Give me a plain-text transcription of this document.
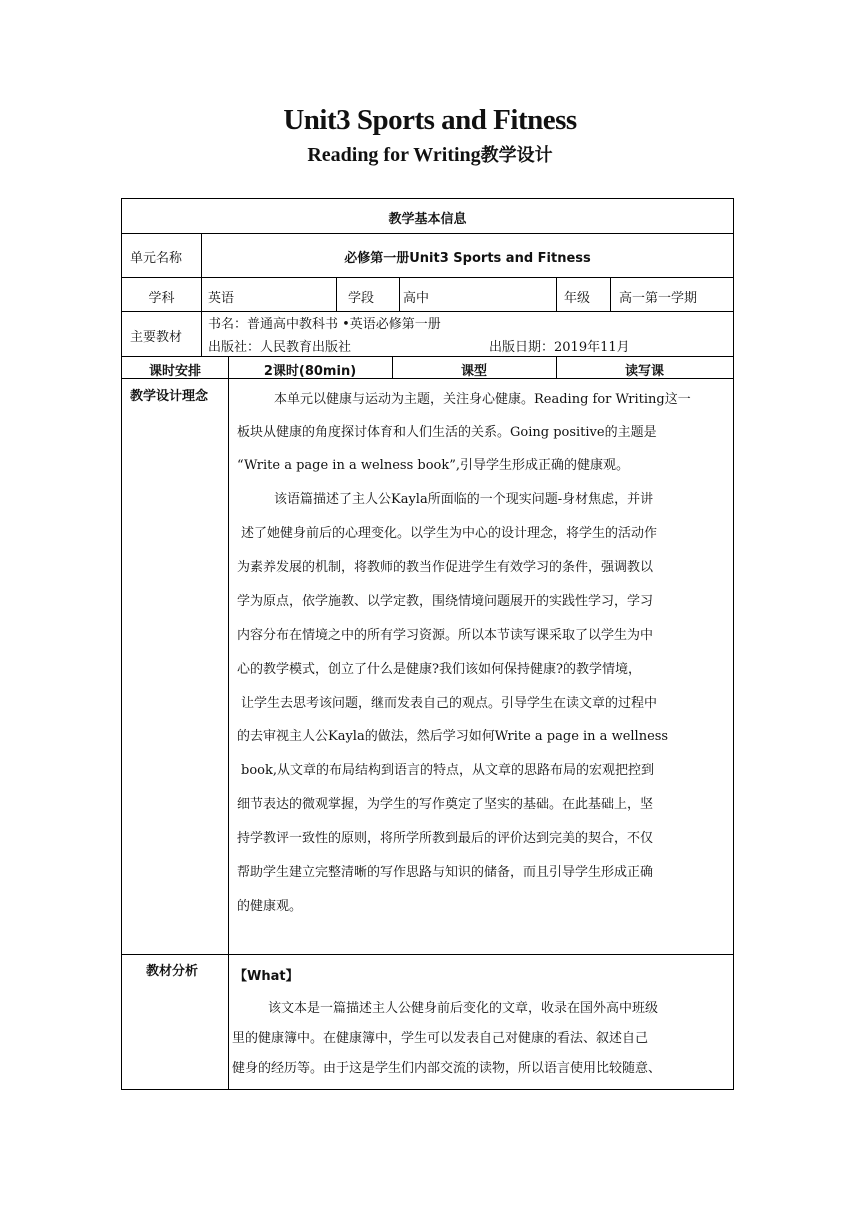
Unit3 Sports and Fitness
Reading for Writing教学设计
教学基本信息
单元名称	必修第一册Unit3 Sports and Fitness
学科	英语	学段 高中	年级 高一第一学期
主要教材
书名：普通高中教科书 •英语必修第一册
出版社：人民教育出版社	出版日期：2019年11月
课时安排	2课时(80min)	课型	读写课
教学设计理念	本单元以健康与运动为主题，关注身心健康。Reading for Writing这一
板块从健康的角度探讨体育和人们生活的关系。Going positive的主题是
“Write a page in a welness book”,引导学生形成正确的健康观。
该语篇描述了主人公Kayla所面临的一个现实问题-身材焦虑，并讲
述了她健身前后的心理变化。以学生为中心的设计理念，将学生的活动作
为素养发展的机制，将教师的教当作促进学生有效学习的条件，强调教以
学为原点，依学施教、以学定教，围绕情境问题展开的实践性学习，学习
内容分布在情境之中的所有学习资源。所以本节读写课采取了以学生为中
心的教学模式，创立了什么是健康?我们该如何保持健康?的教学情境，
让学生去思考该问题，继而发表自己的观点。引导学生在读文章的过程中
的去审视主人公Kayla的做法，然后学习如何Write a page in a wellness
book,从文章的布局结构到语言的特点，从文章的思路布局的宏观把控到
细节表达的微观掌握，为学生的写作奠定了坚实的基础。在此基础上，坚
持学教评一致性的原则，将所学所教到最后的评价达到完美的契合，不仅
帮助学生建立完整清晰的写作思路与知识的储备，而且引导学生形成正确
的健康观。
教材分析	【What】
该文本是一篇描述主人公健身前后变化的文章，收录在国外高中班级
里的健康簿中。在健康簿中，学生可以发表自己对健康的看法、叙述自己
健身的经历等。由于这是学生们内部交流的读物，所以语言使用比较随意、
